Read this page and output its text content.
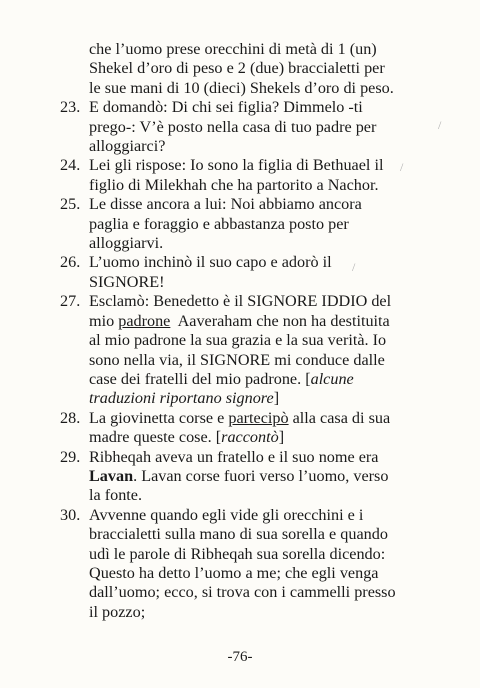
che l’uomo prese orecchini di metà di 1 (un) Shekel d’oro di peso e 2 (due) braccialetti per le sue mani di 10 (dieci) Shekels d’oro di peso.
23. E domandò: Di chi sei figlia? Dimmelo -ti prego-: V’è posto nella casa di tuo padre per alloggiarci?
24. Lei gli rispose: Io sono la figlia di Bethuael il figlio di Milekhah che ha partorito a Nachor.
25. Le disse ancora a lui: Noi abbiamo ancora paglia e foraggio e abbastanza posto per alloggiarvi.
26. L’uomo inchinò il suo capo e adorò il SIGNORE!
27. Esclamò: Benedetto è il SIGNORE IDDIO del mio padrone  Aaveraham che non ha destituita al mio padrone la sua grazia e la sua verità. Io sono nella via, il SIGNORE mi conduce dalle case dei fratelli del mio padrone. [alcune traduzioni riportano signore]
28. La giovinetta corse e partecipò alla casa di sua madre queste cose. [raccontò]
29. Ribheqah aveva un fratello e il suo nome era Lavan. Lavan corse fuori verso l’uomo, verso la fonte.
30. Avvenne quando egli vide gli orecchini e i braccialetti sulla mano di sua sorella e quando udì le parole di Ribheqah sua sorella dicendo: Questo ha detto l’uomo a me; che egli venga dall’uomo; ecco, si trova con i cammelli presso il pozzo;
/
/
/
-76-
